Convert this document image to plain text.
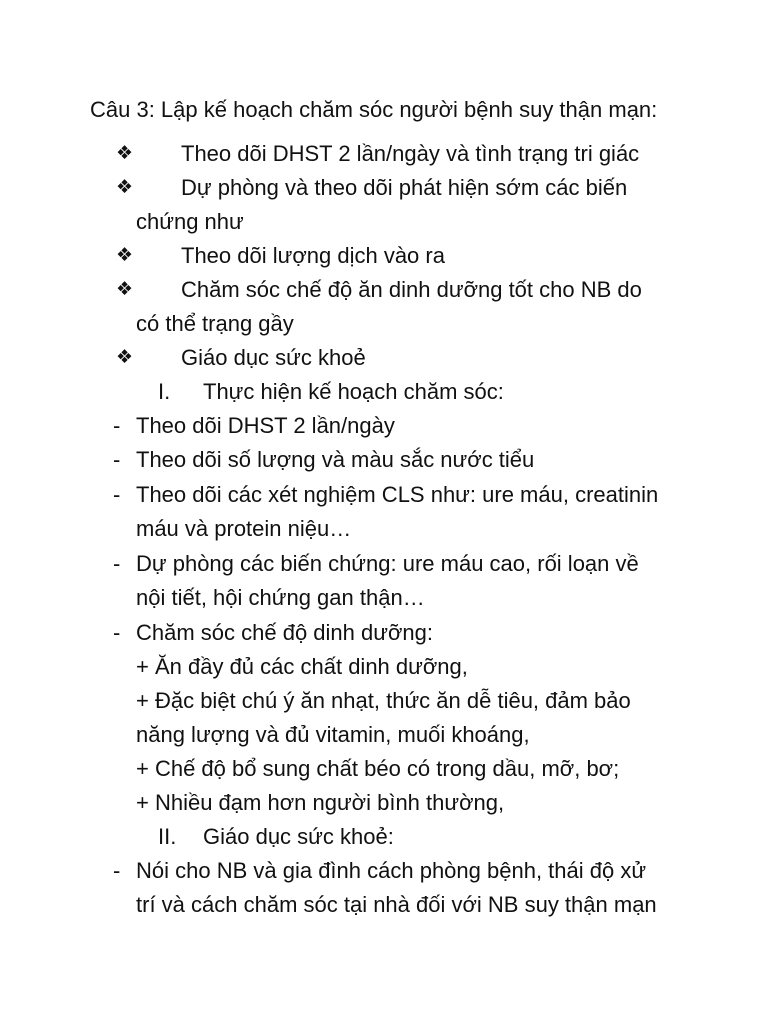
Câu 3: Lập kế hoạch chăm sóc người bệnh suy thận mạn:
❖ Theo dõi DHST 2 lần/ngày và tình trạng tri giác
❖ Dự phòng và theo dõi phát hiện sớm các biến
chứng như
❖ Theo dõi lượng dịch vào ra
❖ Chăm sóc chế độ ăn dinh dưỡng tốt cho NB do
có thể trạng gầy
❖ Giáo dục sức khoẻ
I. Thực hiện kế hoạch chăm sóc:
- Theo dõi DHST 2 lần/ngày
- Theo dõi số lượng và màu sắc nước tiểu
- Theo dõi các xét nghiệm CLS như: ure máu, creatinin
máu và protein niệu…
- Dự phòng các biến chứng: ure máu cao, rối loạn về
nội tiết, hội chứng gan thận…
- Chăm sóc chế độ dinh dưỡng:
+ Ăn đầy đủ các chất dinh dưỡng,
+ Đặc biệt chú ý ăn nhạt, thức ăn dễ tiêu, đảm bảo
năng lượng và đủ vitamin, muối khoáng,
+ Chế độ bổ sung chất béo có trong dầu, mỡ, bơ;
+ Nhiều đạm hơn người bình thường,
II. Giáo dục sức khoẻ:
- Nói cho NB và gia đình cách phòng bệnh, thái độ xử
trí và cách chăm sóc tại nhà đối với NB suy thận mạn
